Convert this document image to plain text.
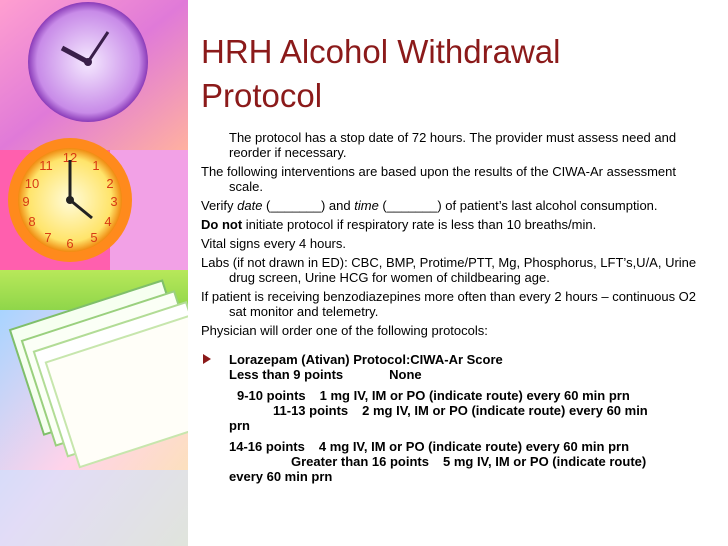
12
1
2
3
4
5
6
7
8
9
10
11
HRH Alcohol Withdrawal
Protocol

The protocol has a stop date of 72 hours. The provider must assess need and reorder if necessary.

The following interventions are based upon the results of the CIWA-Ar assessment scale.

Verify date (_______) and time (_______) of patient’s last alcohol consumption.

Do not initiate protocol if respiratory rate is less than 10 breaths/min.

Vital signs every 4 hours.

Labs (if not drawn in ED): CBC, BMP, Protime/PTT, Mg, Phosphorus, LFT’s,U/A, Urine drug screen, Urine HCG for women of childbearing age.

If patient is receiving benzodiazepines more often than every 2 hours – continuous O2 sat monitor and telemetry.

Physician will order one of the following protocols:

Lorazepam (Ativan) Protocol:CIWA-Ar Score
Less than 9 points	None
9-10 points 1 mg IV, IM or PO (indicate route) every 60 min prn
11-13 points 2 mg IV, IM or PO (indicate route) every 60 min
prn
14-16 points 4 mg IV, IM or PO (indicate route) every 60 min prn
Greater than 16 points 5 mg IV, IM or PO (indicate route)
every 60 min prn
